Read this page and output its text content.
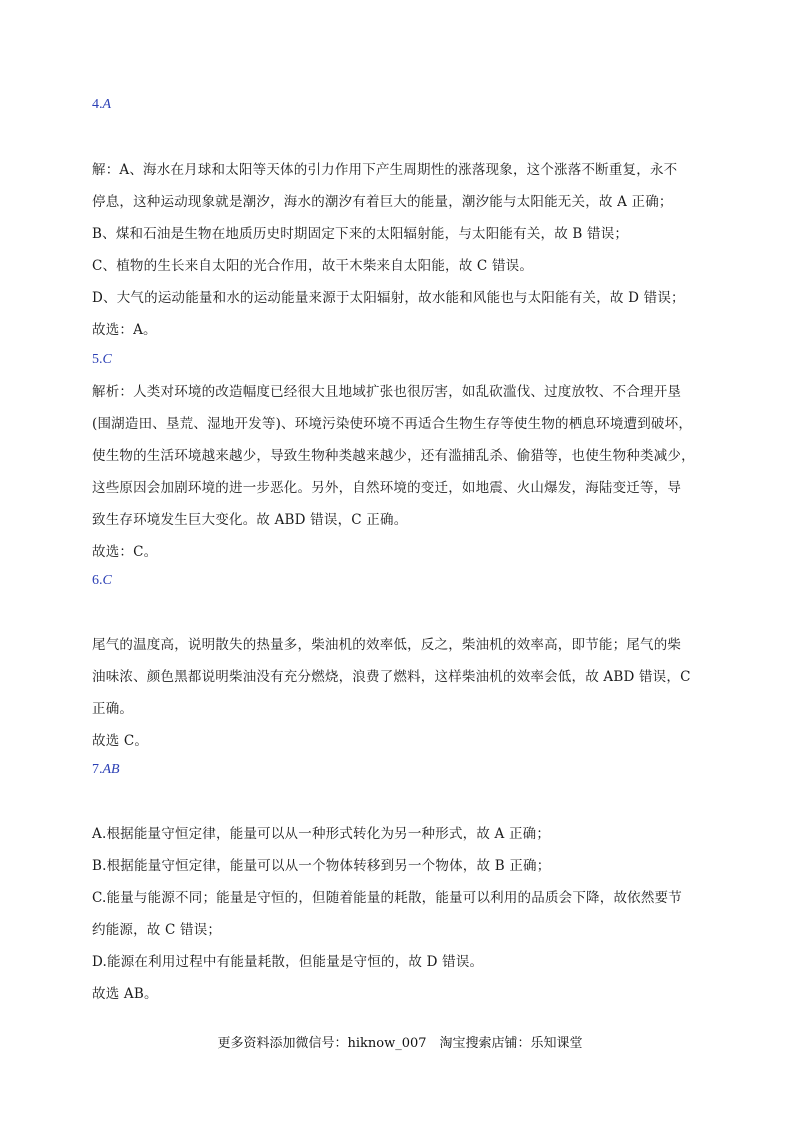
4.A
解：A、海水在月球和太阳等天体的引力作用下产生周期性的涨落现象，这个涨落不断重复，永不
停息，这种运动现象就是潮汐，海水的潮汐有着巨大的能量，潮汐能与太阳能无关，故 A 正确；
B、煤和石油是生物在地质历史时期固定下来的太阳辐射能，与太阳能有关，故 B 错误；
C、植物的生长来自太阳的光合作用，故干木柴来自太阳能，故 C 错误。
D、大气的运动能量和水的运动能量来源于太阳辐射，故水能和风能也与太阳能有关，故 D 错误；
故选：A。
5.C
解析：人类对环境的改造幅度已经很大且地域扩张也很厉害，如乱砍滥伐、过度放牧、不合理开垦
(围湖造田、垦荒、湿地开发等)、环境污染使环境不再适合生物生存等使生物的栖息环境遭到破坏，
使生物的生活环境越来越少，导致生物种类越来越少，还有滥捕乱杀、偷猎等，也使生物种类减少，
这些原因会加剧环境的进一步恶化。另外，自然环境的变迁，如地震、火山爆发，海陆变迁等，导
致生存环境发生巨大变化。故 ABD 错误，C 正确。
故选：C。
6.C
尾气的温度高，说明散失的热量多，柴油机的效率低，反之，柴油机的效率高，即节能；尾气的柴
油味浓、颜色黑都说明柴油没有充分燃烧，浪费了燃料，这样柴油机的效率会低，故 ABD 错误，C
正确。
故选 C。
7.AB
A.根据能量守恒定律，能量可以从一种形式转化为另一种形式，故 A 正确；
B.根据能量守恒定律，能量可以从一个物体转移到另一个物体，故 B 正确；
C.能量与能源不同；能量是守恒的，但随着能量的耗散，能量可以利用的品质会下降，故依然要节
约能源，故 C 错误；
D.能源在利用过程中有能量耗散，但能量是守恒的，故 D 错误。
故选 AB。
更多资料添加微信号：hiknow_007　淘宝搜索店铺：乐知课堂
